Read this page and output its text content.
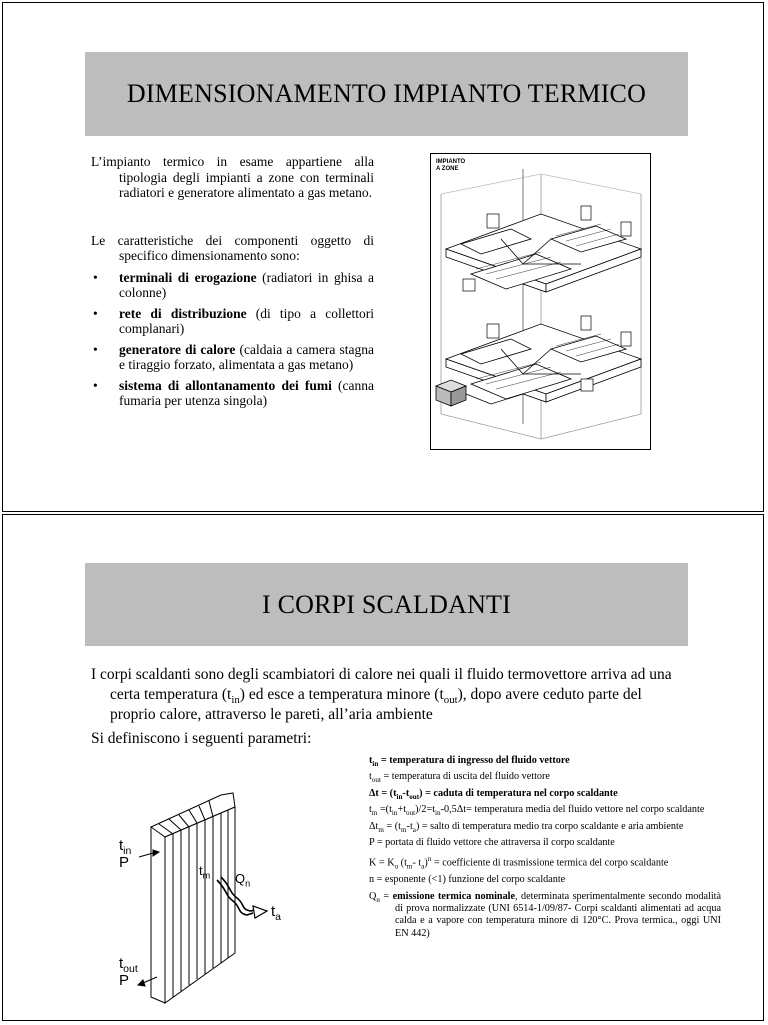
DIMENSIONAMENTO IMPIANTO TERMICO

L’impianto termico in esame appartiene alla tipologia degli impianti a zone con terminali radiatori e generatore alimentato a gas metano.

Le caratteristiche dei componenti oggetto di specifico dimensionamento sono:

• terminali di erogazione (radiatori in ghisa a colonne)
• rete di distribuzione (di tipo a collettori complanari)
• generatore di calore (caldaia a camera stagna e tiraggio forzato, alimentata a gas metano)
• sistema di allontanamento dei fumi (canna fumaria per utenza singola)
IMPIANTO
A ZONE
I CORPI SCALDANTI

I corpi scaldanti sono degli scambiatori di calore nei quali il fluido termovettore arriva ad una certa temperatura $(t_{in})$ ed esce a temperatura minore $(t_{out})$, dopo avere ceduto parte del proprio calore, attraverso le pareti, all’aria ambiente

Si definiscono i seguenti parametri:

$t_{in}$ = temperatura di ingresso del fluido vettore
$t_{out}$ = temperatura di uscita del fluido vettore
$\Delta t = (t_{in}-t_{out})$ = caduta di temperatura nel corpo scaldante
$t_m =(t_{in}+t_{out})/2=t_{in}-0,5\Delta t=$ temperatura media del fluido vettore nel corpo scaldante
$\Delta t_m = (t_m-t_a)$ = salto di temperatura medio tra corpo scaldante e aria ambiente
P = portata di fluido vettore che attraversa il corpo scaldante
$K = K_o$ ($t_m-$ $t_a)^n$ = coefficiente di trasmissione termica del corpo scaldante
n = esponente (<1) funzione del corpo scaldante
$Q_n$ = emissione termica nominale, determinata sperimentalmente secondo modalità di prova normalizzate (UNI 6514-1/09/87- Corpi scaldanti alimentati ad acqua calda e a vapore con temperatura minore di 120°C. Prova termica., oggi UNI EN 442)
$t_{in}$
P	$t_m$ $Q_n$
$t_a$
$t_{out}$
P
